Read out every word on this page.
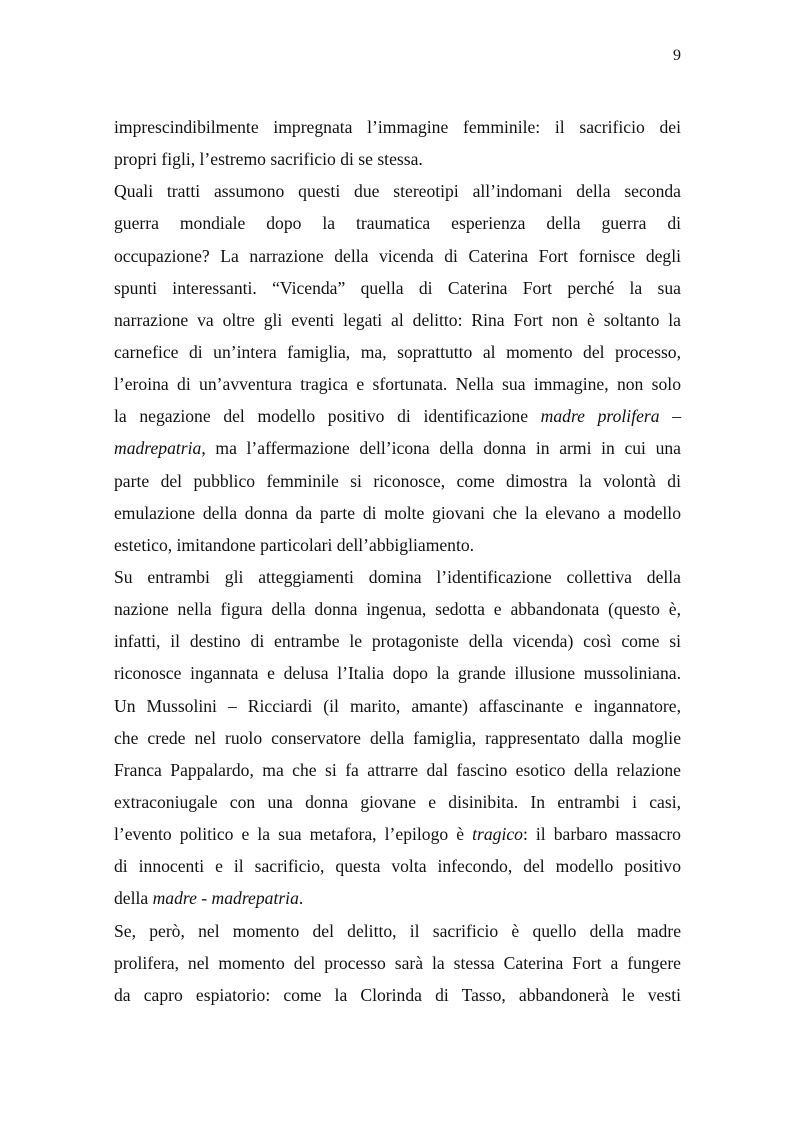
9
imprescindibilmente impregnata l’immagine femminile: il sacrificio dei
propri figli, l’estremo sacrificio di se stessa.
Quali tratti assumono questi due stereotipi all’indomani della seconda
guerra mondiale dopo la traumatica esperienza della guerra di
occupazione? La narrazione della vicenda di Caterina Fort fornisce degli
spunti interessanti. “Vicenda” quella di Caterina Fort perché la sua
narrazione va oltre gli eventi legati al delitto: Rina Fort non è soltanto la
carnefice di un’intera famiglia, ma, soprattutto al momento del processo,
l’eroina di un’avventura tragica e sfortunata. Nella sua immagine, non solo
la negazione del modello positivo di identificazione madre prolifera –
madrepatria, ma l’affermazione dell’icona della donna in armi in cui una
parte del pubblico femminile si riconosce, come dimostra la volontà di
emulazione della donna da parte di molte giovani che la elevano a modello
estetico, imitandone particolari dell’abbigliamento.
Su entrambi gli atteggiamenti domina l’identificazione collettiva della
nazione nella figura della donna ingenua, sedotta e abbandonata (questo è,
infatti, il destino di entrambe le protagoniste della vicenda) così come si
riconosce ingannata e delusa l’Italia dopo la grande illusione mussoliniana.
Un Mussolini – Ricciardi (il marito, amante) affascinante e ingannatore,
che crede nel ruolo conservatore della famiglia, rappresentato dalla moglie
Franca Pappalardo, ma che si fa attrarre dal fascino esotico della relazione
extraconiugale con una donna giovane e disinibita. In entrambi i casi,
l’evento politico e la sua metafora, l’epilogo è tragico: il barbaro massacro
di innocenti e il sacrificio, questa volta infecondo, del modello positivo
della madre - madrepatria.
Se, però, nel momento del delitto, il sacrificio è quello della madre
prolifera, nel momento del processo sarà la stessa Caterina Fort a fungere
da capro espiatorio: come la Clorinda di Tasso, abbandonerà le vesti
